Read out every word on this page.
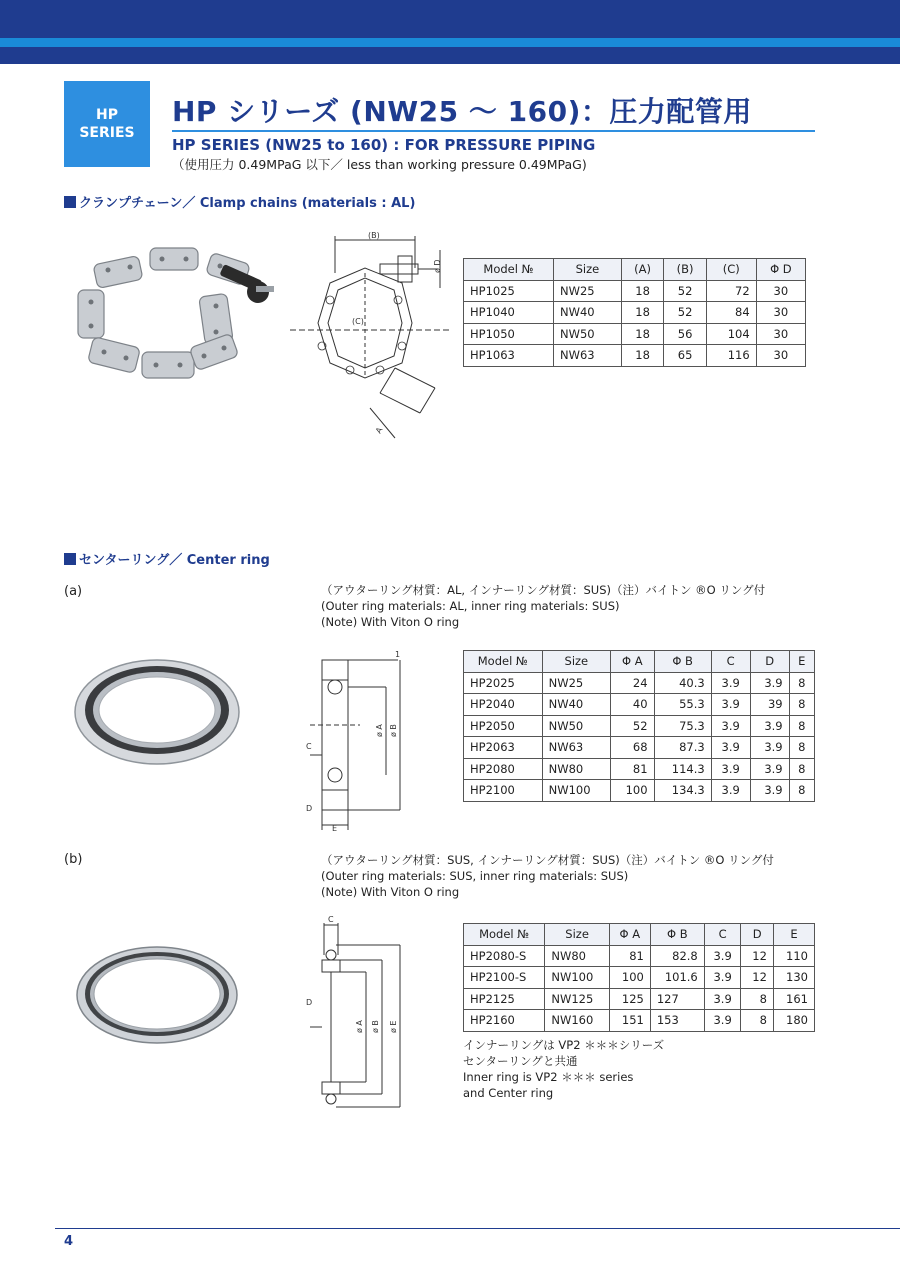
HP
SERIES
HP シリーズ (NW25 ～ 160)：圧力配管用
HP SERIES (NW25 to 160) : FOR PRESSURE PIPING
（使用圧力 0.49MPaG 以下／ less than working pressure 0.49MPaG)
クランプチェーン／ Clamp chains (materials : AL)
(B)
(C)
ø D
A
Model №	Size	(A)	(B)	(C)	Φ D
HP1025	NW25	18	52	72	30
HP1040	NW40	18	52	84	30
HP1050	NW50	18	56	104	30
HP1063	NW63	18	65	116	30
センターリング／ Center ring
(a)	（アウターリング材質：AL, インナーリング材質：SUS)（注）バイトン ®O リング付
(Outer ring materials: AL, inner ring materials: SUS)
(Note) With Viton O ring
1
C
D
E
ø A ø B
Model №	Size	Φ A	Φ B	C	D	E
HP2025	NW25	24	40.3	3.9	3.9	8
HP2040	NW40	40	55.3	3.9	39	8
HP2050	NW50	52	75.3	3.9	3.9	8
HP2063	NW63	68	87.3	3.9	3.9	8
HP2080	NW80	81	114.3	3.9	3.9	8
HP2100	NW100	100	134.3	3.9	3.9	8
(b)	（アウターリング材質：SUS, インナーリング材質：SUS)（注）バイトン ®O リング付
(Outer ring materials: SUS, inner ring materials: SUS)
(Note) With Viton O ring
C
D
ø A ø B ø E
Model №	Size	Φ A	Φ B	C	D	E
HP2080-S	NW80	81	82.8	3.9	12	110
HP2100-S	NW100	100	101.6	3.9	12	130
HP2125	NW125	125	127	3.9	8	161
HP2160	NW160	151	153	3.9	8	180
インナーリングは VP2 ＊＊＊シリーズ
センターリングと共通
Inner ring is VP2 ＊＊＊ series
and Center ring
4
